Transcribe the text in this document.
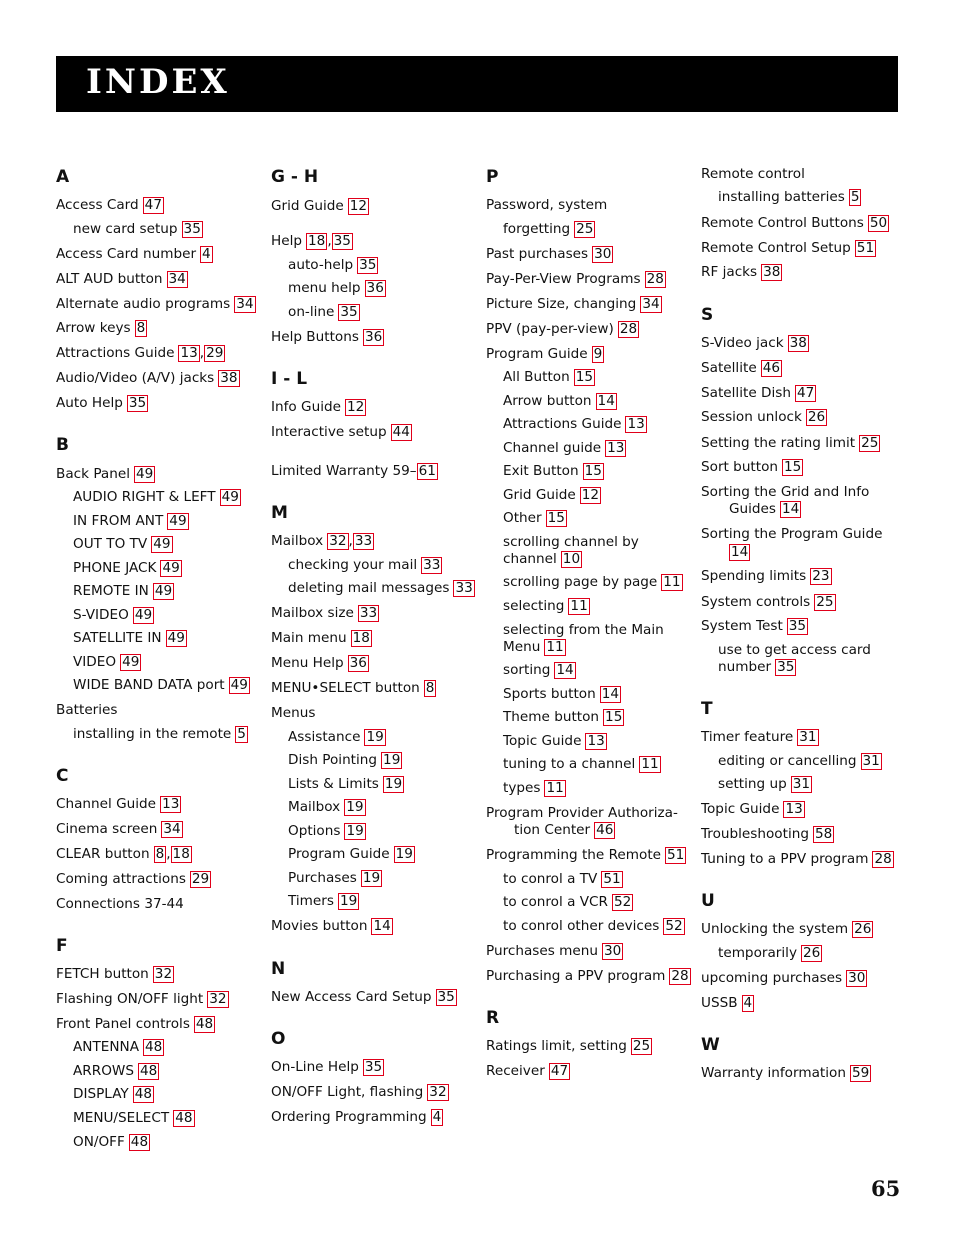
INDEX
A
Access Card 47
new card setup 35
Access Card number 4
ALT AUD button 34
Alternate audio programs 34
Arrow keys 8
Attractions Guide 13 , 29
Audio/Video (A/V) jacks 38
Auto Help 35
B
Back Panel 49
AUDIO RIGHT & LEFT 49
IN FROM ANT 49
OUT TO TV 49
PHONE JACK 49
REMOTE IN 49
S-VIDEO 49
SATELLITE IN 49
VIDEO 49
WIDE BAND DATA port 49
Batteries
installing in the remote 5
C
Channel Guide 13
Cinema screen 34
CLEAR button 8 , 18
Coming attractions 29
Connections 37-44
F
FETCH button 32
Flashing ON/OFF light 32
Front Panel controls 48
ANTENNA 48
ARROWS 48
DISPLAY 48
MENU/SELECT 48
ON/OFF 48
G - H
Grid Guide 12
Help 18 , 35
auto-help 35
menu help 36
on-line 35
Help Buttons 36
I - L
Info Guide 12
Interactive setup 44
Limited Warranty 59– 61
M
Mailbox 32 , 33
checking your mail 33
deleting mail messages 33
Mailbox size 33
Main menu 18
Menu Help 36
MENU•SELECT button 8
Menus
Assistance 19
Dish Pointing 19
Lists & Limits 19
Mailbox 19
Options 19
Program Guide 19
Purchases 19
Timers 19
Movies button 14
N
New Access Card Setup 35
O
On-Line Help 35
ON/OFF Light, flashing 32
Ordering Programming 4
P
Password, system
forgetting 25
Past purchases 30
Pay-Per-View Programs 28
Picture Size, changing 34
PPV (pay-per-view) 28
Program Guide 9
All Button 15
Arrow button 14
Attractions Guide 13
Channel guide 13
Exit Button 15
Grid Guide 12
Other 15
scrolling channel by channel 10
scrolling page by page 11
selecting 11
selecting from the Main Menu 11
sorting 14
Sports button 14
Theme button 15
Topic Guide 13
tuning to a channel 11
types 11
Program Provider Authoriza-
tion Center 46
Programming the Remote 51
to conrol a TV 51
to conrol a VCR 52
to conrol other devices 52
Purchases menu 30
Purchasing a PPV program 28
R
Ratings limit, setting 25
Receiver 47
Remote control
installing batteries 5
Remote Control Buttons 50
Remote Control Setup 51
RF jacks 38
S
S-Video jack 38
Satellite 46
Satellite Dish 47
Session unlock 26
Setting the rating limit 25
Sort button 15
Sorting the Grid and Info
Guides 14
Sorting the Program Guide
14
Spending limits 23
System controls 25
System Test 35
use to get access card
number 35
T
Timer feature 31
editing or cancelling 31
setting up 31
Topic Guide 13
Troubleshooting 58
Tuning to a PPV program 28
U
Unlocking the system 26
temporarily 26
upcoming purchases 30
USSB 4
W
Warranty information 59
65
